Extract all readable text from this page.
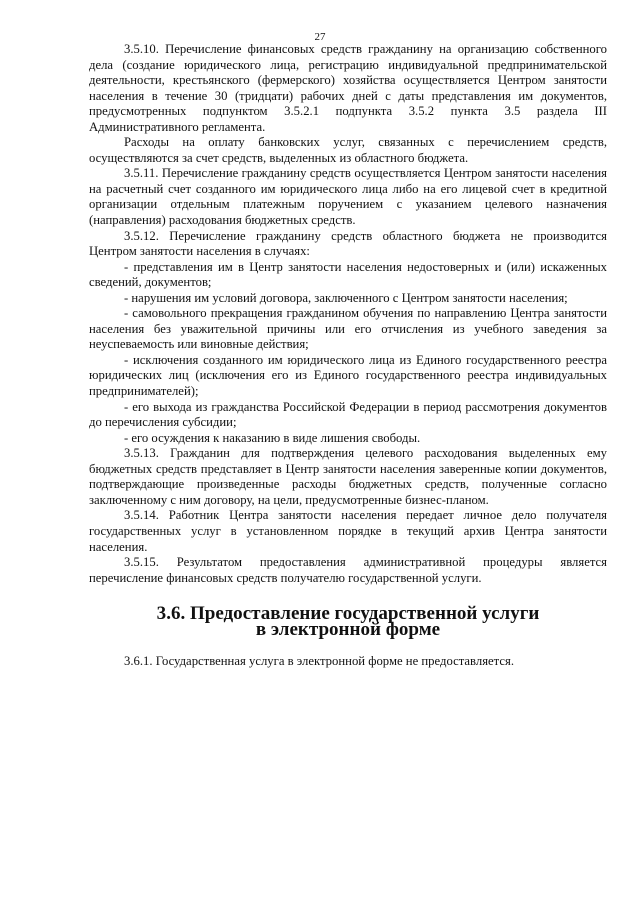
27

3.5.10. Перечисление финансовых средств гражданину на организацию собственного дела (создание юридического лица, регистрацию индивидуальной предпринимательской деятельности, крестьянского (фермерского) хозяйства осуществляется Центром занятости населения в течение 30 (тридцати) рабочих дней с даты представления им документов, предусмотренных подпунктом 3.5.2.1 подпункта 3.5.2 пункта 3.5 раздела III Административного регламента.

Расходы на оплату банковских услуг, связанных с перечислением средств, осуществляются за счет средств, выделенных из областного бюджета.

3.5.11. Перечисление гражданину средств осуществляется Центром занятости населения на расчетный счет созданного им юридического лица либо на его лицевой счет в кредитной организации отдельным платежным поручением с указанием целевого назначения (направления) расходования бюджетных средств.

3.5.12. Перечисление гражданину средств областного бюджета не производится Центром занятости населения в случаях:

- представления им в Центр занятости населения недостоверных и (или) искаженных сведений, документов;

- нарушения им условий договора, заключенного с Центром занятости населения;

- самовольного прекращения гражданином обучения по направлению Центра занятости населения без уважительной причины или его отчисления из учебного заведения за неуспеваемость или виновные действия;

- исключения созданного им юридического лица из Единого государственного реестра юридических лиц (исключения его из Единого государственного реестра индивидуальных предпринимателей);

- его выхода из гражданства Российской Федерации в период рассмотрения документов до перечисления субсидии;

- его осуждения к наказанию в виде лишения свободы.

3.5.13. Гражданин для подтверждения целевого расходования выделенных ему бюджетных средств представляет в Центр занятости населения заверенные копии документов, подтверждающие произведенные расходы бюджетных средств, полученные согласно заключенному с ним договору, на цели, предусмотренные бизнес-планом.

3.5.14. Работник Центра занятости населения передает личное дело получателя государственных услуг в установленном порядке в текущий архив Центра занятости населения.

3.5.15. Результатом предоставления административной процедуры является перечисление финансовых средств получателю государственной услуги.

3.6. Предоставление государственной услуги
в электронной форме

3.6.1. Государственная услуга в электронной форме не предоставляется.
